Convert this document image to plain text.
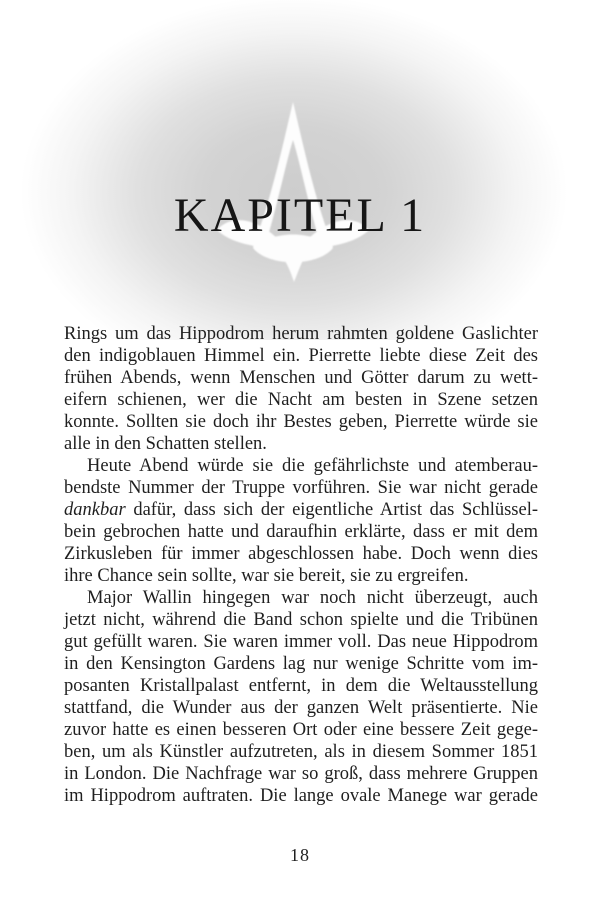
KAPITEL 1
Rings um das Hippodrom herum rahmten goldene Gaslichter
den indigoblauen Himmel ein. Pierrette liebte diese Zeit des
frühen Abends, wenn Menschen und Götter darum zu wett-
eifern schienen, wer die Nacht am besten in Szene setzen
konnte. Sollten sie doch ihr Bestes geben, Pierrette würde sie
alle in den Schatten stellen.
Heute Abend würde sie die gefährlichste und atemberau-
bendste Nummer der Truppe vorführen. Sie war nicht gerade
dankbar dafür, dass sich der eigentliche Artist das Schlüssel-
bein gebrochen hatte und daraufhin erklärte, dass er mit dem
Zirkusleben für immer abgeschlossen habe. Doch wenn dies
ihre Chance sein sollte, war sie bereit, sie zu ergreifen.
Major Wallin hingegen war noch nicht überzeugt, auch
jetzt nicht, während die Band schon spielte und die Tribünen
gut gefüllt waren. Sie waren immer voll. Das neue Hippodrom
in den Kensington Gardens lag nur wenige Schritte vom im-
posanten Kristallpalast entfernt, in dem die Weltausstellung
stattfand, die Wunder aus der ganzen Welt präsentierte. Nie
zuvor hatte es einen besseren Ort oder eine bessere Zeit gege-
ben, um als Künstler aufzutreten, als in diesem Sommer 1851
in London. Die Nachfrage war so groß, dass mehrere Gruppen
im Hippodrom auftraten. Die lange ovale Manege war gerade
18
